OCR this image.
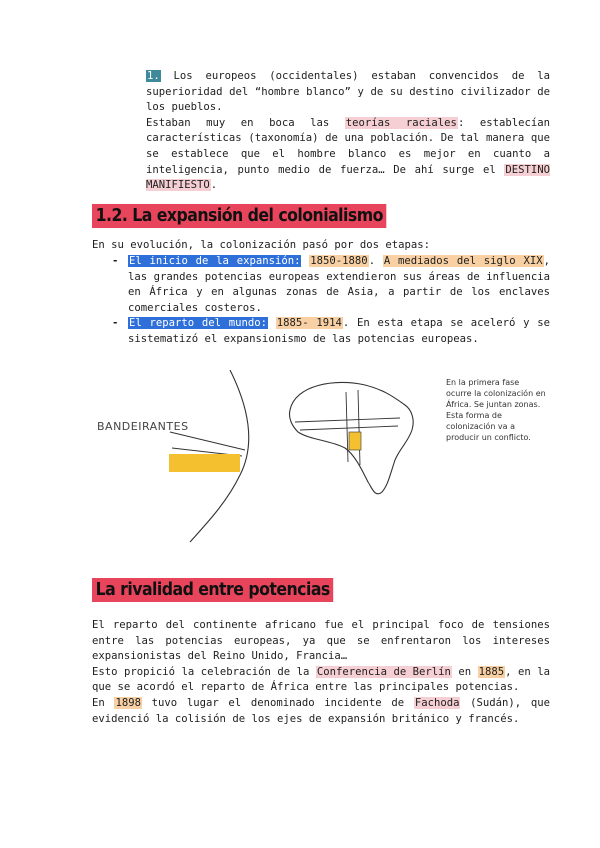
1. Los europeos (occidentales) estaban convencidos de la superioridad del “hombre blanco” y de su destino civilizador de los pueblos.
Estaban muy en boca las teorías raciales: establecían características (taxonomía) de una población. De tal manera que se establece que el hombre blanco es mejor en cuanto a inteligencia, punto medio de fuerza… De ahí surge el DESTINO MANIFIESTO.
1.2. La expansión del colonialismo
En su evolución, la colonización pasó por dos etapas:
- El inicio de la expansión: 1850-1880. A mediados del siglo XIX, las grandes potencias europeas extendieron sus áreas de influencia en África y en algunas zonas de Asia, a partir de los enclaves comerciales costeros.
- El reparto del mundo: 1885- 1914. En esta etapa se aceleró y se sistematizó el expansionismo de las potencias europeas.
BANDEIRANTES
En la primera fase ocurre la colonización en África. Se juntan zonas. Esta forma de colonización va a producir un conflicto.
La rivalidad entre potencias
El reparto del continente africano fue el principal foco de tensiones entre las potencias europeas, ya que se enfrentaron los intereses expansionistas del Reino Unido, Francia…
Esto propició la celebración de la Conferencia de Berlín en 1885, en la que se acordó el reparto de África entre las principales potencias.
En 1898 tuvo lugar el denominado incidente de Fachoda (Sudán), que evidenció la colisión de los ejes de expansión británico y francés.
